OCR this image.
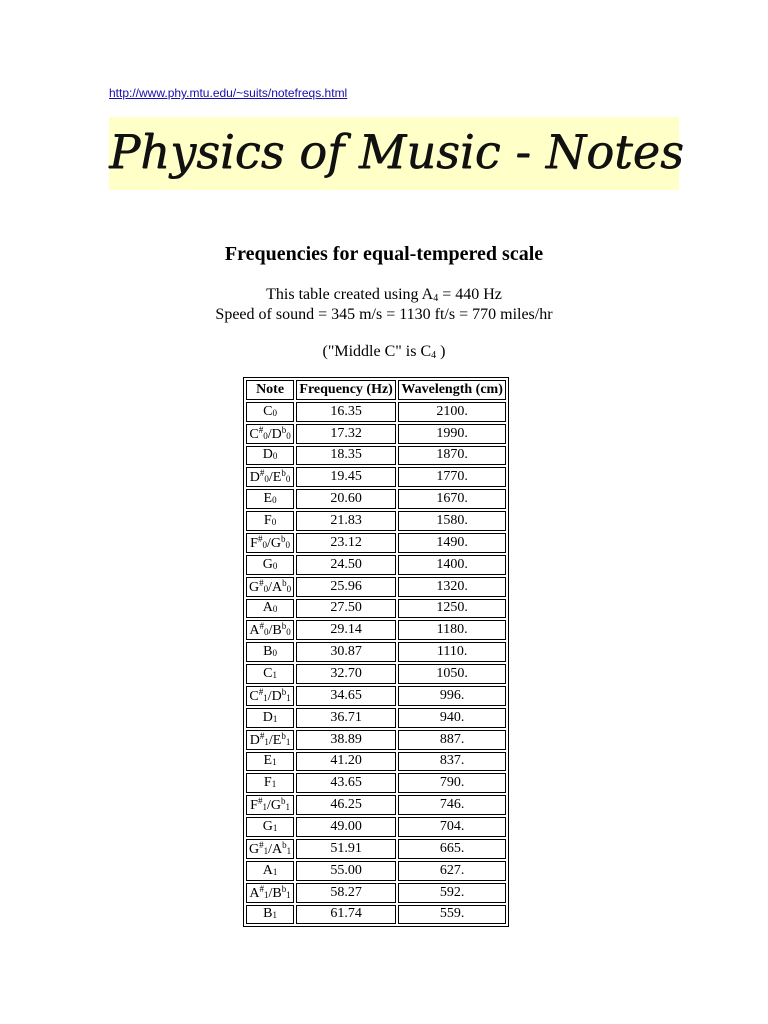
http://www.phy.mtu.edu/~suits/notefreqs.html
Physics of Music - Notes
Frequencies for equal-tempered scale
This table created using $A_4 = 440$ Hz
Speed of sound = 345 m/s = 1130 ft/s = 770 miles/hr
("Middle C" is $C_4$ )
Note	Frequency (Hz)	Wavelength (cm)
$C_0$	16.35	2100.
$C^{\#}_0/D^b_0$	17.32	1990.
$D_0$	18.35	1870.
$D^{\#}_0/E^b_0$	19.45	1770.
$E_0$	20.60	1670.
$F_0$	21.83	1580.
$F^{\#}_0/G^b_0$	23.12	1490.
$G_0$	24.50	1400.
$G^{\#}_0/A^b_0$	25.96	1320.
$A_0$	27.50	1250.
$A^{\#}_0/B^b_0$	29.14	1180.
$B_0$	30.87	1110.
$C_1$	32.70	1050.
$C^{\#}_1/D^b_1$	34.65	996.
$D_1$	36.71	940.
$D^{\#}_1/E^b_1$	38.89	887.
$E_1$	41.20	837.
$F_1$	43.65	790.
$F^{\#}_1/G^b_1$	46.25	746.
$G_1$	49.00	704.
$G^{\#}_1/A^b_1$	51.91	665.
$A_1$	55.00	627.
$A^{\#}_1/B^b_1$	58.27	592.
$B_1$	61.74	559.
